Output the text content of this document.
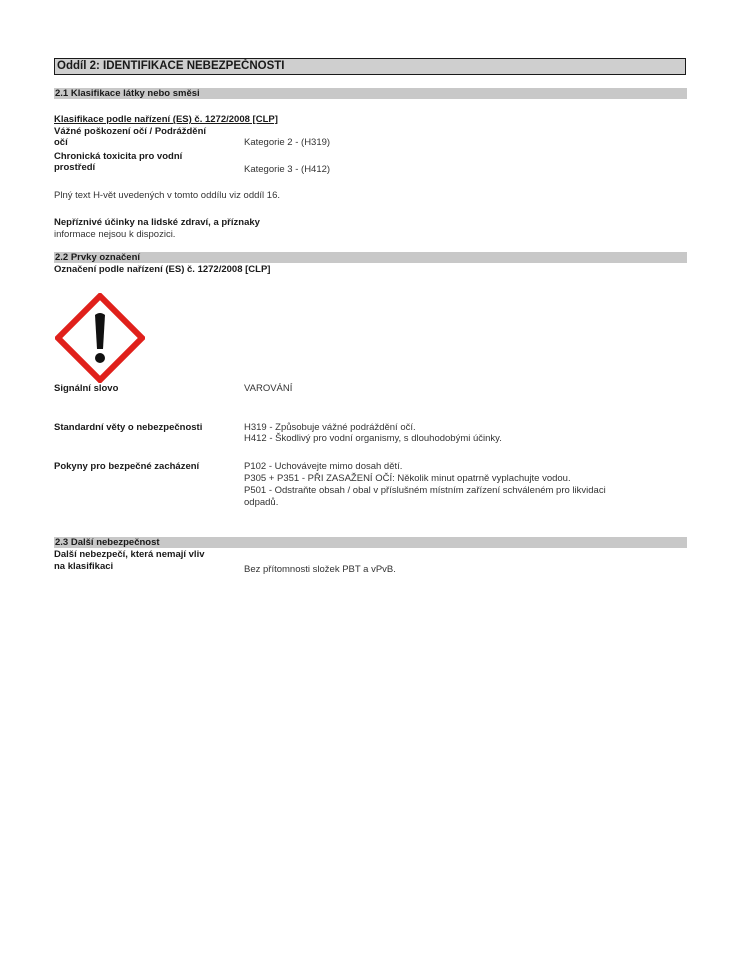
Oddíl 2: IDENTIFIKACE NEBEZPEČNOSTI
2.1 Klasifikace látky nebo směsi
Klasifikace podle nařízení (ES) č. 1272/2008 [CLP]
Vážné poškození očí / Podráždění
očí	Kategorie 2 - (H319)
Chronická toxicita pro vodní
prostředí	Kategorie 3 - (H412)
Plný text H-vět uvedených v tomto oddílu viz oddíl 16.
Nepříznivé účinky na lidské zdraví, a příznaky
informace nejsou k dispozici.
2.2 Prvky označení
Označení podle nařízení (ES) č. 1272/2008 [CLP]
Signální slovo	VAROVÁNÍ
Standardní věty o nebezpečnosti	H319 - Způsobuje vážné podráždění očí.
H412 - Škodlivý pro vodní organismy, s dlouhodobými účinky.
Pokyny pro bezpečné zacházení	P102 - Uchovávejte mimo dosah dětí.
P305 + P351 - PŘI ZASAŽENÍ OČÍ: Několik minut opatrně vyplachujte vodou.
P501 - Odstraňte obsah / obal v příslušném místním zařízení schváleném pro likvidaci
odpadů.
2.3 Další nebezpečnost
Další nebezpečí, která nemají vliv
na klasifikaci	Bez přítomnosti složek PBT a vPvB.
